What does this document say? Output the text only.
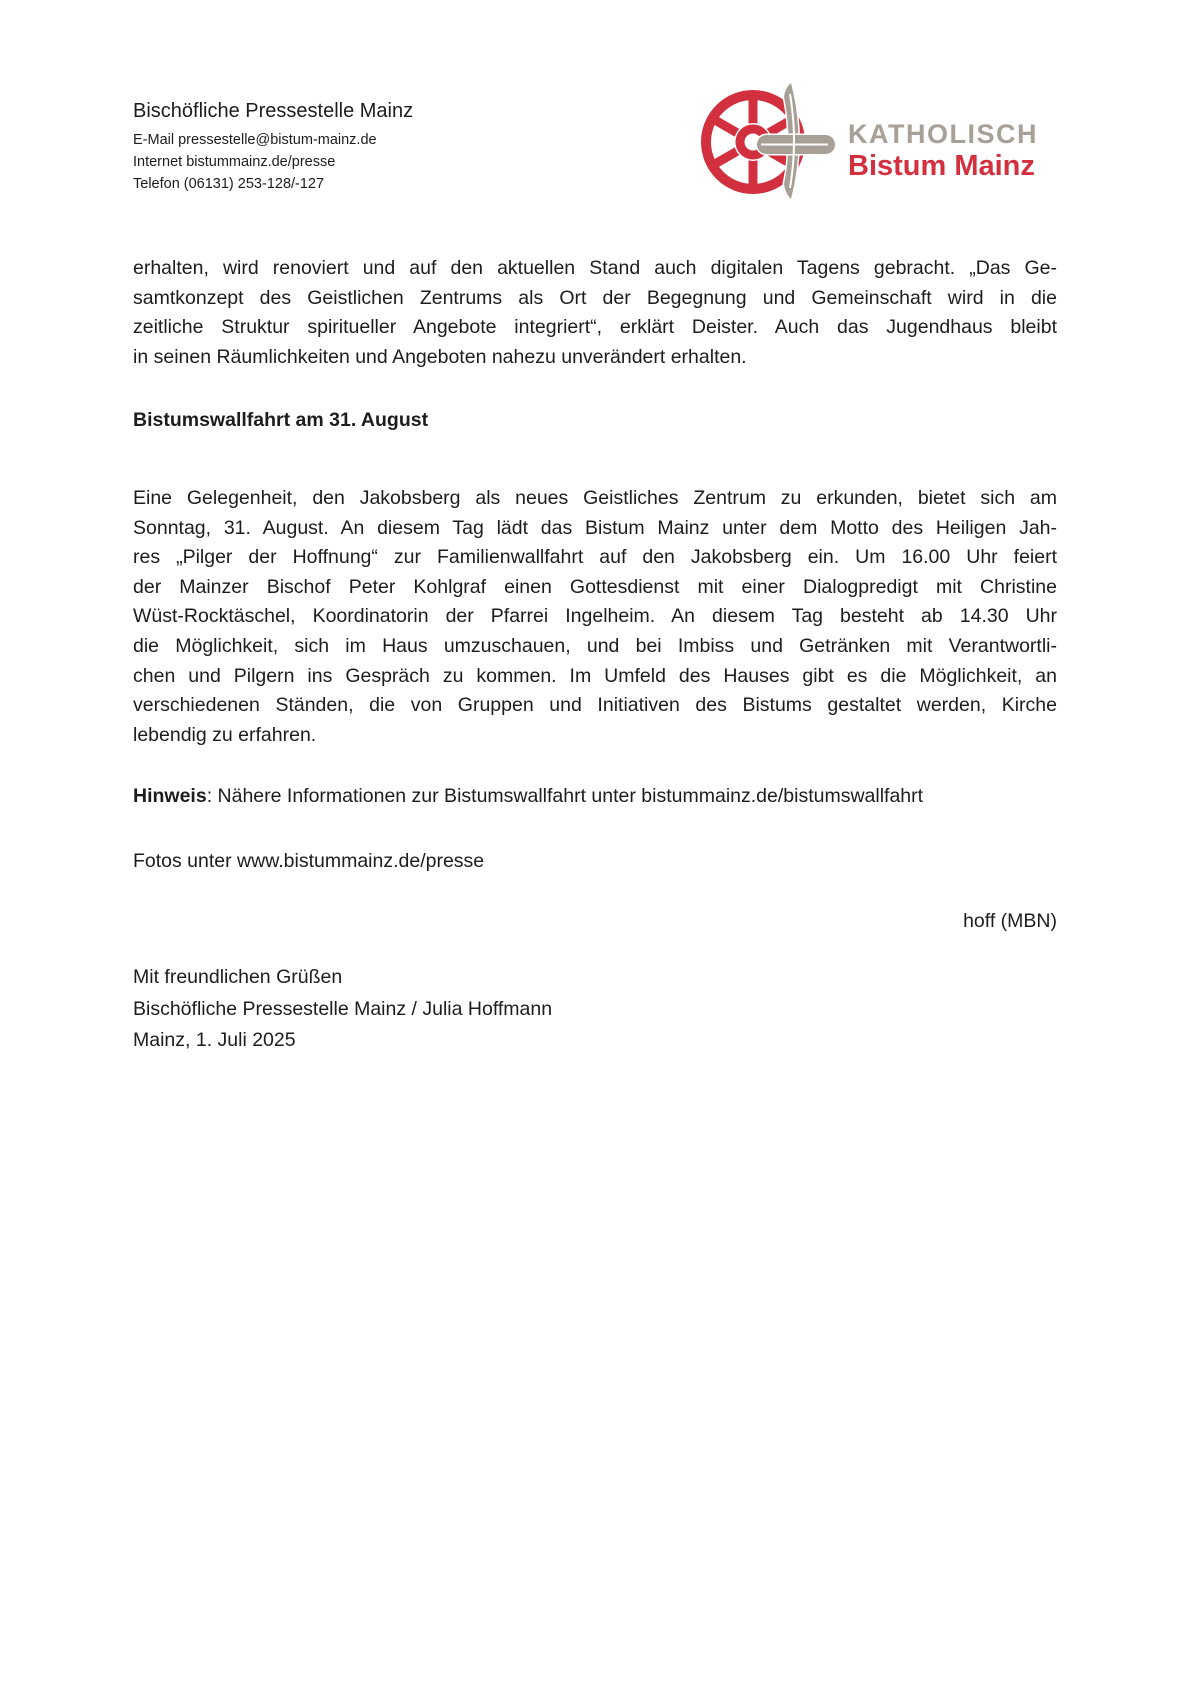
Bischöfliche Pressestelle Mainz
E-Mail pressestelle@bistum-mainz.de
Internet bistummainz.de/presse
Telefon (06131) 253-128/-127
KATHOLISCH
Bistum Mainz
erhalten, wird renoviert und auf den aktuellen Stand auch digitalen Tagens gebracht. „Das Ge-
samtkonzept des Geistlichen Zentrums als Ort der Begegnung und Gemeinschaft wird in die
zeitliche Struktur spiritueller Angebote integriert“, erklärt Deister. Auch das Jugendhaus bleibt
in seinen Räumlichkeiten und Angeboten nahezu unverändert erhalten.
Bistumswallfahrt am 31. August
Eine Gelegenheit, den Jakobsberg als neues Geistliches Zentrum zu erkunden, bietet sich am
Sonntag, 31. August. An diesem Tag lädt das Bistum Mainz unter dem Motto des Heiligen Jah-
res „Pilger der Hoffnung“ zur Familienwallfahrt auf den Jakobsberg ein. Um 16.00 Uhr feiert
der Mainzer Bischof Peter Kohlgraf einen Gottesdienst mit einer Dialogpredigt mit Christine
Wüst-Rocktäschel, Koordinatorin der Pfarrei Ingelheim. An diesem Tag besteht ab 14.30 Uhr
die Möglichkeit, sich im Haus umzuschauen, und bei Imbiss und Getränken mit Verantwortli-
chen und Pilgern ins Gespräch zu kommen. Im Umfeld des Hauses gibt es die Möglichkeit, an
verschiedenen Ständen, die von Gruppen und Initiativen des Bistums gestaltet werden, Kirche
lebendig zu erfahren.
Hinweis: Nähere Informationen zur Bistumswallfahrt unter bistummainz.de/bistumswallfahrt
Fotos unter www.bistummainz.de/presse
hoff (MBN)
Mit freundlichen Grüßen
Bischöfliche Pressestelle Mainz / Julia Hoffmann
Mainz, 1. Juli 2025
